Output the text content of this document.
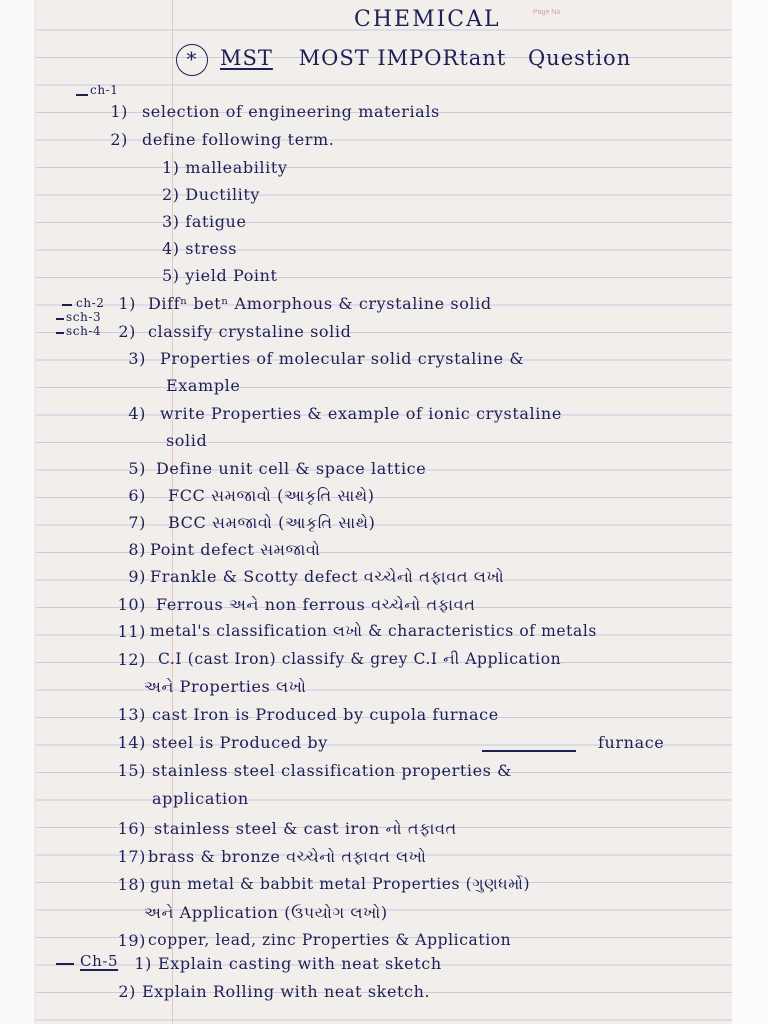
Page No
CHEMICAL
* MST MOST IMPORtant Question
ch-1
ch-2
sch-3
sch-4
Ch-5
1) selection of engineering materials
2) define following term.
1) malleability
2) Ductility
3) fatigue
4) stress
5) yield Point
1) Diffⁿ betⁿ Amorphous & crystaline solid
2) classify crystaline solid
3) Properties of molecular solid crystaline &
Example
4) write Properties & example of ionic crystaline
solid
5) Define unit cell & space lattice
6) FCC સમજાવો (આકૃતિ સાથે)
7) BCC સમજાવો (આકૃતિ સાથે)
8) Point defect સમજાવો
9) Frankle & Scotty defect વચ્ચેનો તફાવત લખો
10) Ferrous અને non ferrous વચ્ચેનો તફાવત
11) metal's classification લખો & characteristics of metals
12) C.I (cast Iron) classify & grey C.I ની Application
અને Properties લખો
13) cast Iron is Produced by cupola furnace
14) steel is Produced by	furnace
15) stainless steel classification properties &
application
16) stainless steel & cast iron નો તફાવત
17) brass & bronze વચ્ચેનો તફાવત લખો
18) gun metal & babbit metal Properties (ગુણધર્મો)
અને Application (ઉપયોગ લખો)
19) copper, lead, zinc Properties & Application
1) Explain casting with neat sketch
2) Explain Rolling with neat sketch.
